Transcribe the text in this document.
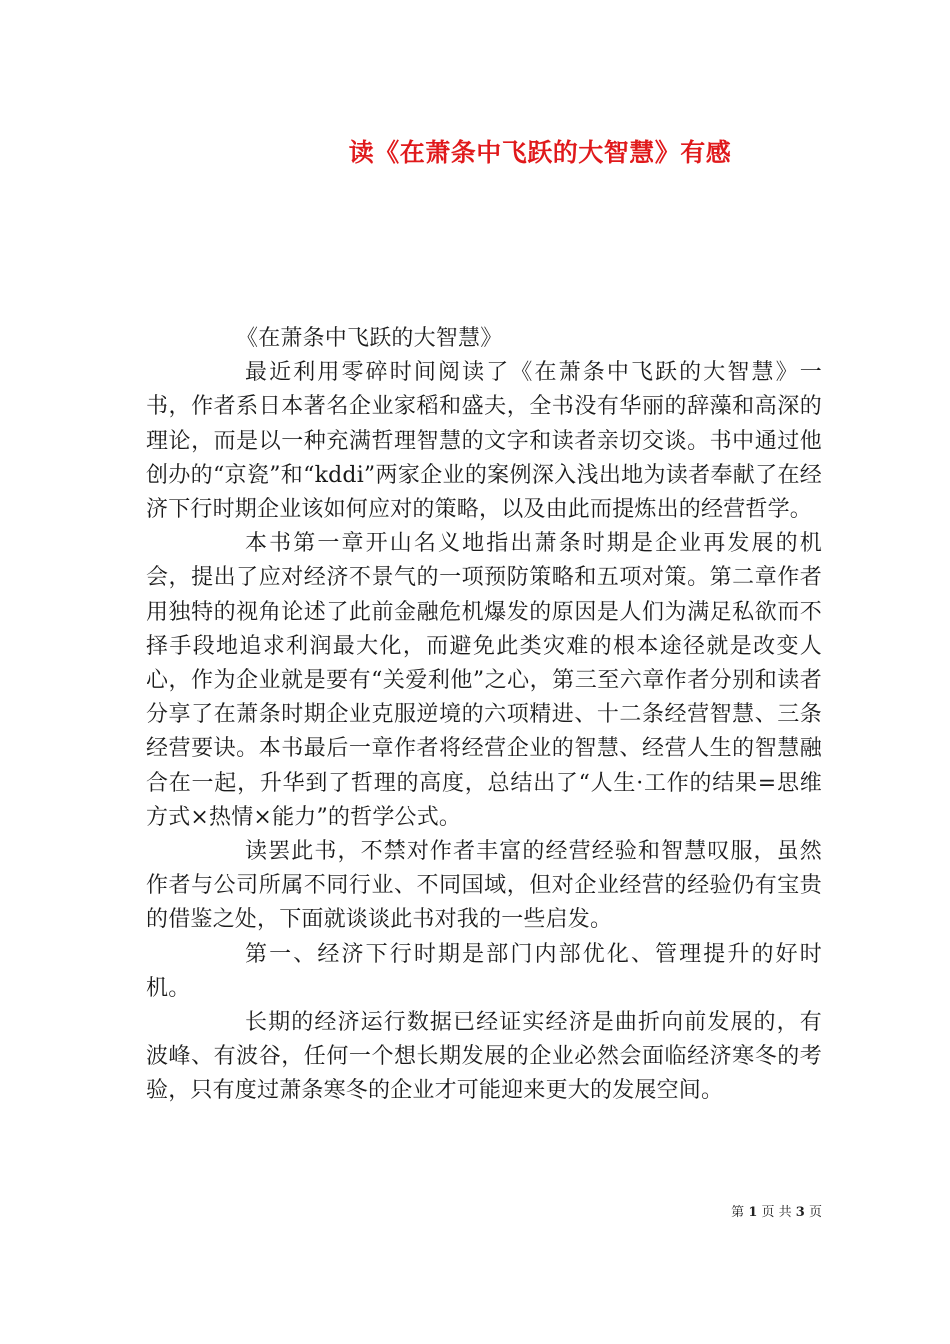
读《在萧条中飞跃的大智慧》有感

《在萧条中飞跃的大智慧》

最近利用零碎时间阅读了《在萧条中飞跃的大智慧》一书，作者系日本著名企业家稻和盛夫，全书没有华丽的辞藻和高深的理论，而是以一种充满哲理智慧的文字和读者亲切交谈。书中通过他创办的“京瓷”和“kddi”两家企业的案例深入浅出地为读者奉献了在经济下行时期企业该如何应对的策略，以及由此而提炼出的经营哲学。

本书第一章开山名义地指出萧条时期是企业再发展的机会，提出了应对经济不景气的一项预防策略和五项对策。第二章作者用独特的视角论述了此前金融危机爆发的原因是人们为满足私欲而不择手段地追求利润最大化，而避免此类灾难的根本途径就是改变人心，作为企业就是要有“关爱利他”之心，第三至六章作者分别和读者分享了在萧条时期企业克服逆境的六项精进、十二条经营智慧、三条经营要诀。本书最后一章作者将经营企业的智慧、经营人生的智慧融合在一起，升华到了哲理的高度，总结出了“人生·工作的结果=思维方式×热情×能力”的哲学公式。

读罢此书，不禁对作者丰富的经营经验和智慧叹服，虽然作者与公司所属不同行业、不同国域，但对企业经营的经验仍有宝贵的借鉴之处，下面就谈谈此书对我的一些启发。

第一、经济下行时期是部门内部优化、管理提升的好时机。

长期的经济运行数据已经证实经济是曲折向前发展的，有波峰、有波谷，任何一个想长期发展的企业必然会面临经济寒冬的考验，只有度过萧条寒冬的企业才可能迎来更大的发展空间。

第 1 页 共 3 页
